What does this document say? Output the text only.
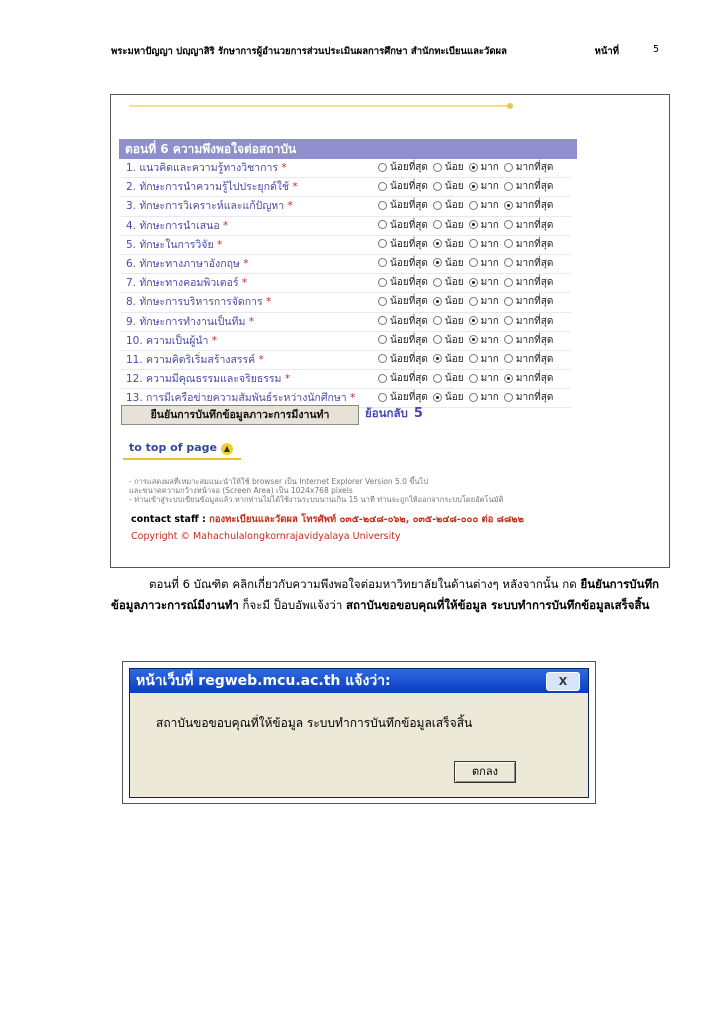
พระมหาปัญญา ปญฺญาสิริ รักษาการผู้อำนวยการส่วนประเมินผลการศึกษา สำนักทะเบียนและวัดผล	หน้าที่	5
ตอนที่ 6 ความพึงพอใจต่อสถาบัน
1. แนวคิดและความรู้ทางวิชาการ *	น้อยที่สุด น้อย มาก มากที่สุด
2. ทักษะการนำความรู้ไปประยุกต์ใช้ *	น้อยที่สุด น้อย มาก มากที่สุด
3. ทักษะการวิเคราะห์และแก้ปัญหา *	น้อยที่สุด น้อย มาก มากที่สุด
4. ทักษะการนำเสนอ *	น้อยที่สุด น้อย มาก มากที่สุด
5. ทักษะในการวิจัย *	น้อยที่สุด น้อย มาก มากที่สุด
6. ทักษะทางภาษาอังกฤษ *	น้อยที่สุด น้อย มาก มากที่สุด
7. ทักษะทางคอมพิวเตอร์ *	น้อยที่สุด น้อย มาก มากที่สุด
8. ทักษะการบริหารการจัดการ *	น้อยที่สุด น้อย มาก มากที่สุด
9. ทักษะการทำงานเป็นทีม *	น้อยที่สุด น้อย มาก มากที่สุด
10. ความเป็นผู้นำ *	น้อยที่สุด น้อย มาก มากที่สุด
11. ความคิดริเริ่มสร้างสรรค์ *	น้อยที่สุด น้อย มาก มากที่สุด
12. ความมีคุณธรรมและจริยธรรม *	น้อยที่สุด น้อย มาก มากที่สุด
13. การมีเครือข่ายความสัมพันธ์ระหว่างนักศึกษา *	น้อยที่สุด น้อย มาก มากที่สุด
ยืนยันการบันทึกข้อมูลภาวะการมีงานทำ	ย้อนกลับ 5
to top of page ▲
- การแสดงผลที่เหมาะสมแนะนำให้ใช้ browser เป็น Internet Explorer Version 5.0 ขึ้นไป
และขนาดความกว้างหน้าจอ (Screen Area) เป็น 1024x768 pixels
- ท่านเข้าสู่ระบบเขียนข้อมูลแล้ว หากท่านไม่ได้ใช้งานระบบนานเกิน 15 นาที ท่านจะถูกให้ออกจากระบบโดยอัตโนมัติ
contact staff : กองทะเบียนและวัดผล โทรศัพท์ ๐๓๕-๒๔๘-๐๖๒, ๐๓๕-๒๔๘-๐๐๐ ต่อ ๘๘๒๒
Copyright © Mahachulalongkornrajavidyalaya University
ตอนที่ 6 บัณฑิต คลิกเกี่ยวกับความพึงพอใจต่อมหาวิทยาลัยในด้านต่างๆ หลังจากนั้น กด ยืนยันการบันทึกข้อมูลภาวะการณ์มีงานทำ ก็จะมี ป็อบอัพแจ้งว่า สถาบันขอขอบคุณที่ให้ข้อมูล ระบบทำการบันทึกข้อมูลเสร็จสิ้น
หน้าเว็บที่ regweb.mcu.ac.th แจ้งว่า:	X
สถาบันขอขอบคุณที่ให้ข้อมูล ระบบทำการบันทึกข้อมูลเสร็จสิ้น
ตกลง
